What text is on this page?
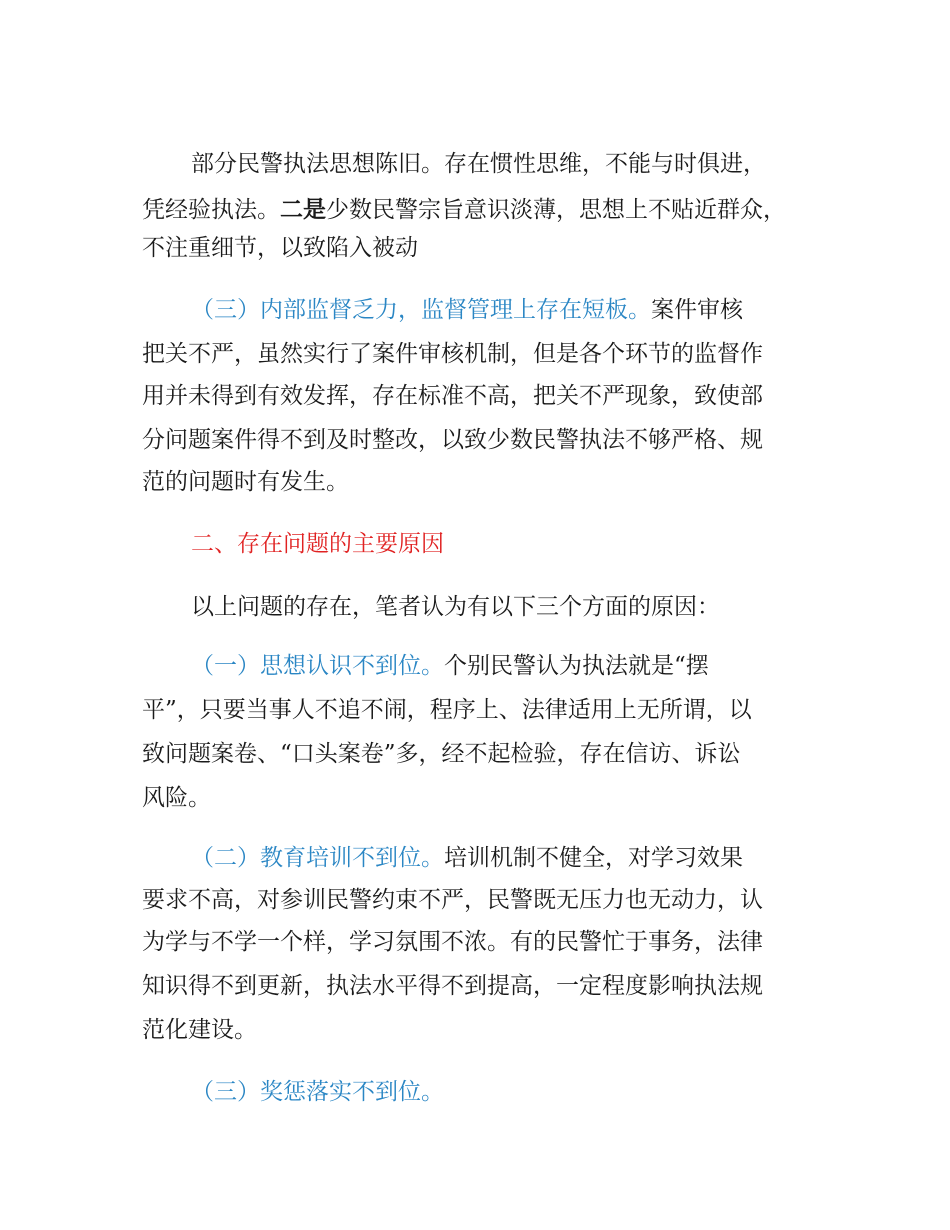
部分民警执法思想陈旧。存在惯性思维，不能与时俱进，
凭经验执法。二是少数民警宗旨意识淡薄，思想上不贴近群众，
不注重细节，以致陷入被动
（三）内部监督乏力，监督管理上存在短板。案件审核
把关不严，虽然实行了案件审核机制，但是各个环节的监督作
用并未得到有效发挥，存在标准不高，把关不严现象，致使部
分问题案件得不到及时整改，以致少数民警执法不够严格、规
范的问题时有发生。
二、存在问题的主要原因
以上问题的存在，笔者认为有以下三个方面的原因：
（一）思想认识不到位。个别民警认为执法就是“摆
平”，只要当事人不追不闹，程序上、法律适用上无所谓，以
致问题案卷、“口头案卷”多，经不起检验，存在信访、诉讼
风险。
（二）教育培训不到位。培训机制不健全，对学习效果
要求不高，对参训民警约束不严，民警既无压力也无动力，认
为学与不学一个样，学习氛围不浓。有的民警忙于事务，法律
知识得不到更新，执法水平得不到提高，一定程度影响执法规
范化建设。
（三）奖惩落实不到位。
